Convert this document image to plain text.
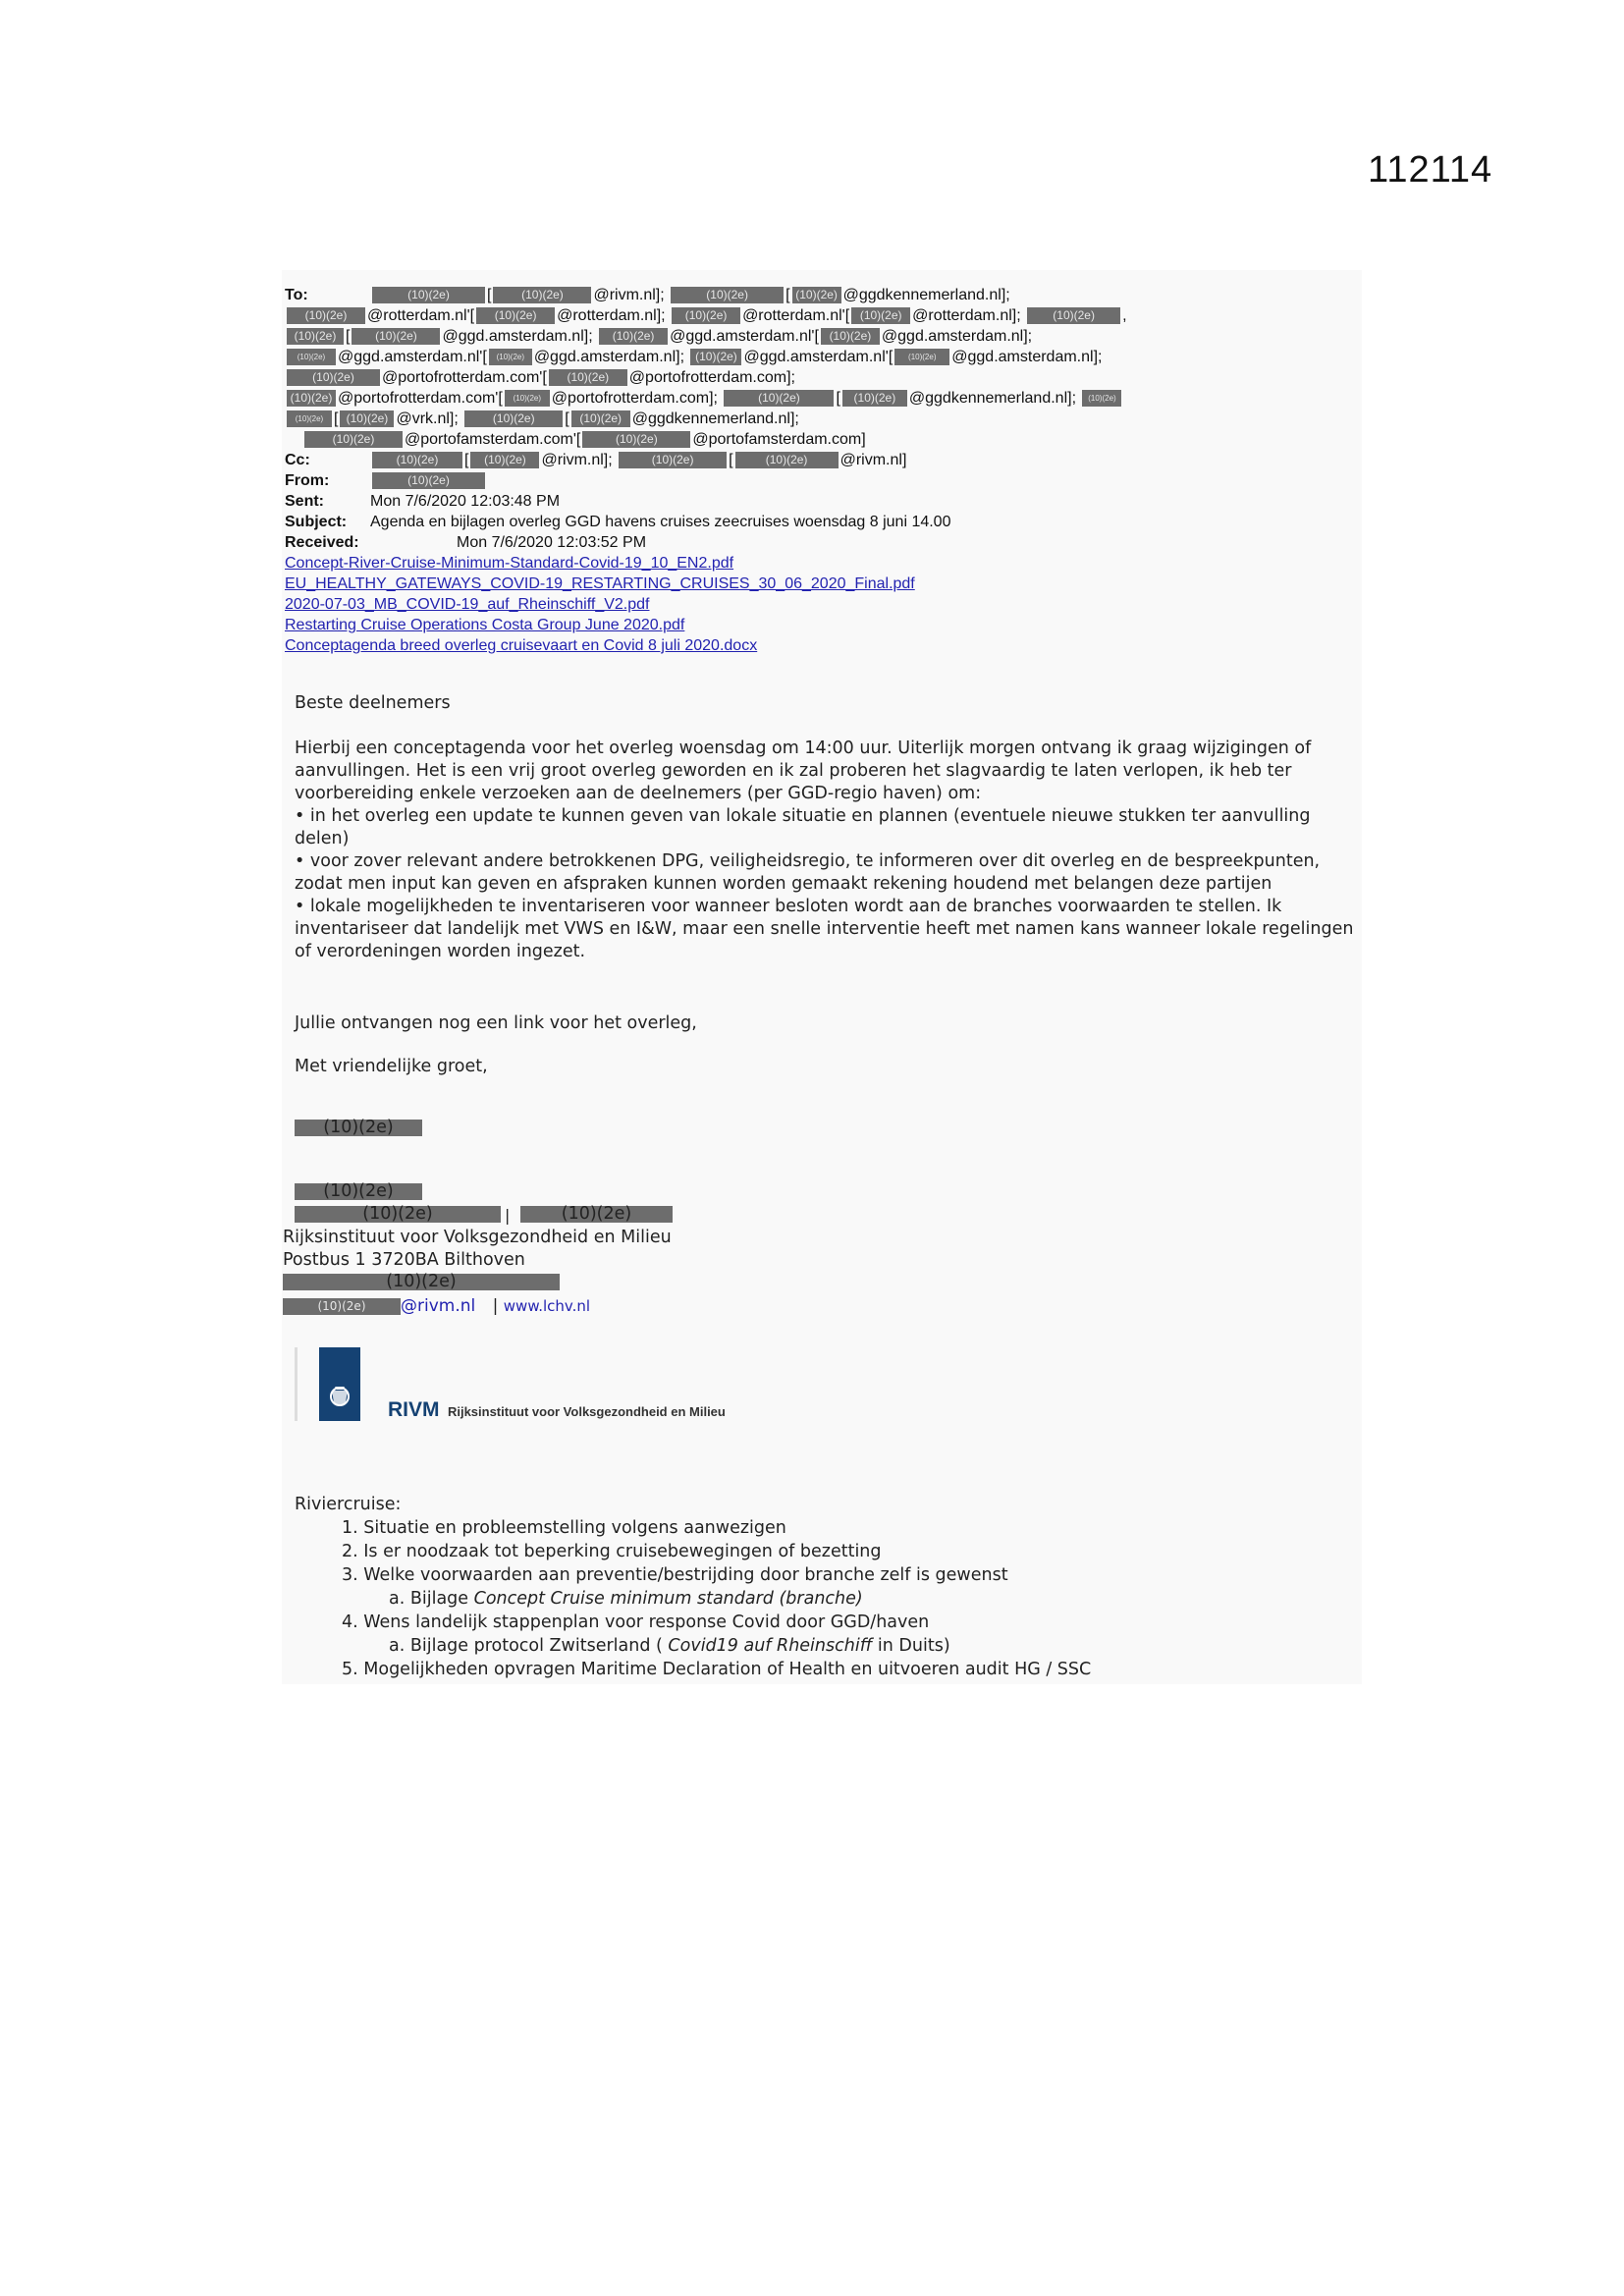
112114
To:	(10)(2e) [	(10)(2e) @rivm.nl];	(10)(2e) [ (10)(2e) @ggdkennemerland.nl];
(10)(2e) @rotterdam.nl'[ (10)(2e) @rotterdam.nl]; (10)(2e) @rotterdam.nl'[ (10)(2e) @rotterdam.nl]; (10)(2e) ,
(10)(2e) [ (10)(2e) @ggd.amsterdam.nl]; (10)(2e) @ggd.amsterdam.nl'[ (10)(2e) @ggd.amsterdam.nl];
(10)(2e) @ggd.amsterdam.nl'[ (10)(2e) @ggd.amsterdam.nl]; (10)(2e) @ggd.amsterdam.nl'[ (10)(2e) @ggd.amsterdam.nl];
(10)(2e) @portofrotterdam.com'[ (10)(2e) @portofrotterdam.com];
(10)(2e) @portofrotterdam.com'[ (10)(2e) @portofrotterdam.com];	(10)(2e) [ (10)(2e) @ggdkennemerland.nl]; (10)(2e)
(10)(2e) [ (10)(2e) @vrk.nl];	(10)(2e) [ (10)(2e) @ggdkennemerland.nl];
(10)(2e) @portofamsterdam.com'[	(10)(2e) @portofamsterdam.com]
Cc:	(10)(2e) [ (10)(2e) @rivm.nl];	(10)(2e) [	(10)(2e) @rivm.nl]
From:	(10)(2e)
Sent:	Mon 7/6/2020 12:03:48 PM
Subject: Agenda en bijlagen overleg GGD havens cruises zeecruises woensdag 8 juni 14.00
Received:	Mon 7/6/2020 12:03:52 PM
Concept-River-Cruise-Minimum-Standard-Covid-19_10_EN2.pdf
EU_HEALTHY_GATEWAYS_COVID-19_RESTARTING_CRUISES_30_06_2020_Final.pdf
2020-07-03_MB_COVID-19_auf_Rheinschiff_V2.pdf
Restarting Cruise Operations Costa Group June 2020.pdf
Conceptagenda breed overleg cruisevaart en Covid 8 juli 2020.docx

Beste deelnemers

Hierbij een conceptagenda voor het overleg woensdag om 14:00 uur. Uiterlijk morgen ontvang ik graag wijzigingen of aanvullingen. Het is een vrij groot overleg geworden en ik zal proberen het slagvaardig te laten verlopen, ik heb ter voorbereiding enkele verzoeken aan de deelnemers (per GGD-regio haven) om:

• in het overleg een update te kunnen geven van lokale situatie en plannen (eventuele nieuwe stukken ter aanvulling delen)

• voor zover relevant andere betrokkenen DPG, veiligheidsregio, te informeren over dit overleg en de bespreekpunten, zodat men input kan geven en afspraken kunnen worden gemaakt rekening houdend met belangen deze partijen

• lokale mogelijkheden te inventariseren voor wanneer besloten wordt aan de branches voorwaarden te stellen. Ik inventariseer dat landelijk met VWS en I&W, maar een snelle interventie heeft met namen kans wanneer lokale regelingen of verordeningen worden ingezet.

Jullie ontvangen nog een link voor het overleg,

Met vriendelijke groet,

(10)(2e)
(10)(2e)
(10)(2e)	|	(10)(2e)
Rijksinstituut voor Volksgezondheid en Milieu
Postbus 1 3720BA Bilthoven
(10)(2e)
(10)(2e) @rivm.nl | www.lchv.nl
RIVM Rijksinstituut voor Volksgezondheid en Milieu
Riviercruise:
1. Situatie en probleemstelling volgens aanwezigen
2. Is er noodzaak tot beperking cruisebewegingen of bezetting
3. Welke voorwaarden aan preventie/bestrijding door branche zelf is gewenst
a. Bijlage Concept Cruise minimum standard (branche)
4. Wens landelijk stappenplan voor response Covid door GGD/haven
a. Bijlage protocol Zwitserland ( Covid19 auf Rheinschiff in Duits)
5. Mogelijkheden opvragen Maritime Declaration of Health en uitvoeren audit HG / SSC
